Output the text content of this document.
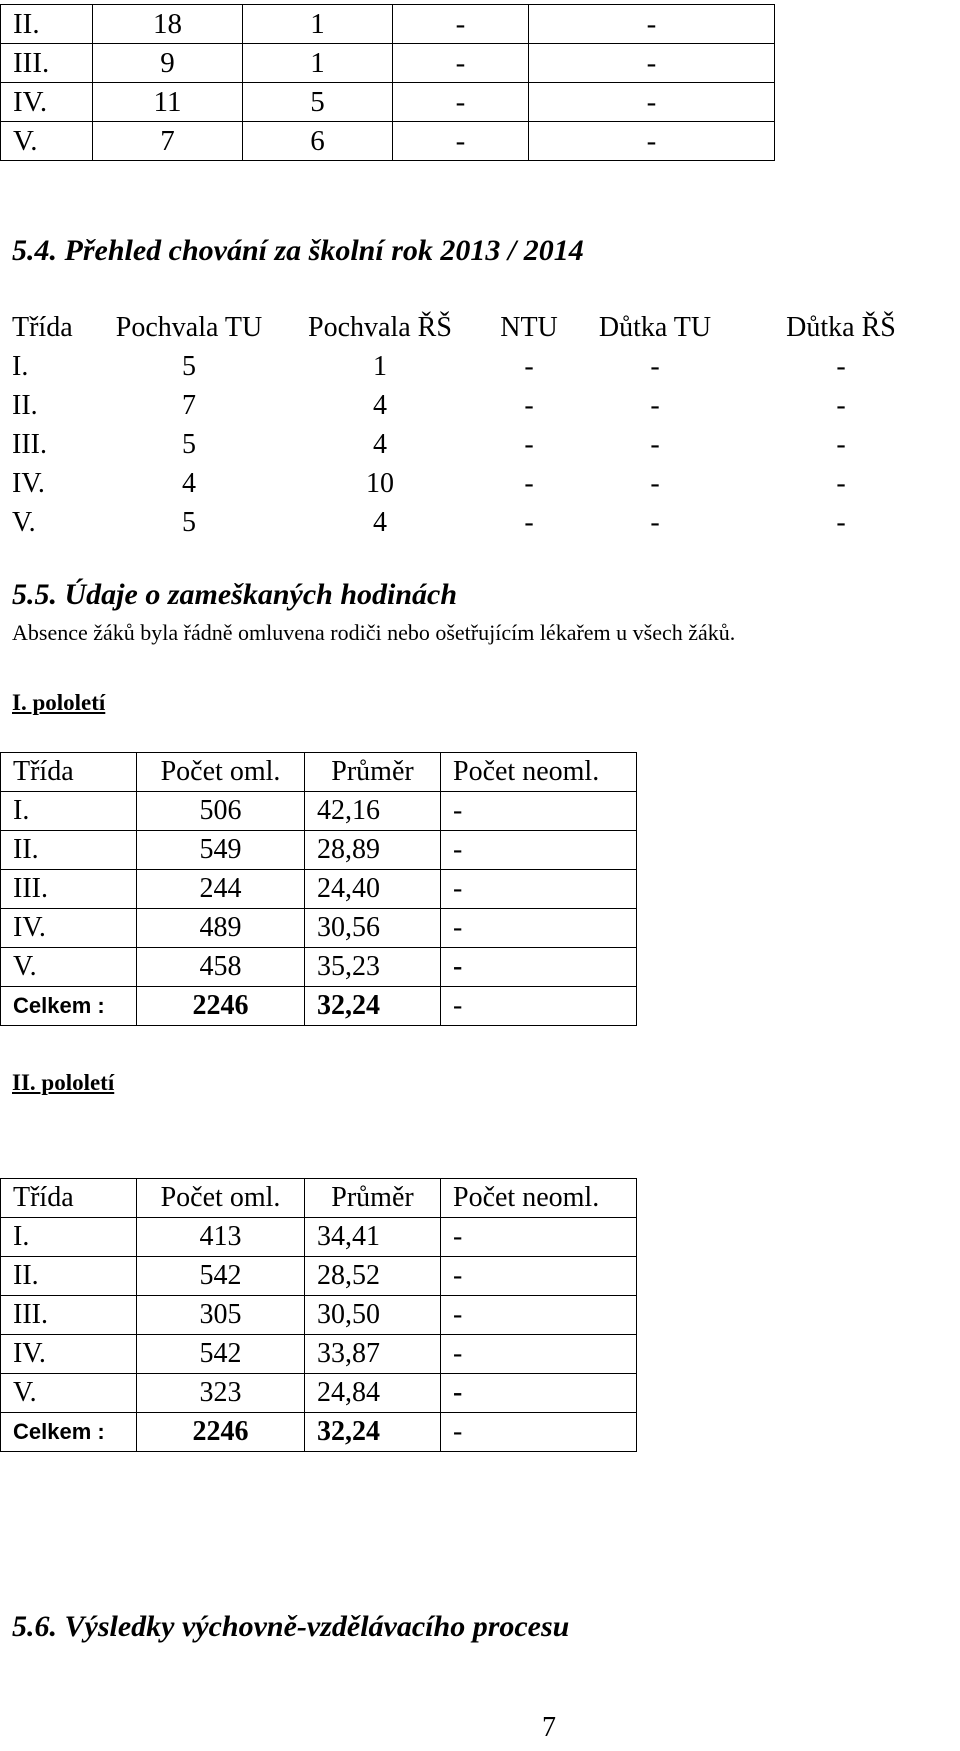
II.	18	1	-	-
III.	9	1	-	-
IV.	11	5	-	-
V.	7	6	-	-
5.4. Přehled chování za školní rok 2013 / 2014
Třída	Pochvala TU	Pochvala ŘŠ	NTU	Důtka TU	Důtka ŘŠ
I.	5	1	-	-	-
II.	7	4	-	-	-
III.	5	4	-	-	-
IV.	4	10	-	-	-
V.	5	4	-	-	-
5.5. Údaje o zameškaných hodinách
Absence žáků byla řádně omluvena rodiči nebo ošetřujícím lékařem u všech žáků.
I. pololetí
Třída	Počet oml.	Průměr	Počet neoml.
I.	506	42,16	-
II.	549	28,89	-
III.	244	24,40	-
IV.	489	30,56	-
V.	458	35,23	-
Celkem :	2246	32,24	-
II. pololetí
Třída	Počet oml.	Průměr	Počet neoml.
I.	413	34,41	-
II.	542	28,52	-
III.	305	30,50	-
IV.	542	33,87	-
V.	323	24,84	-
Celkem :	2246	32,24	-
5.6. Výsledky výchovně-vzdělávacího procesu
7
